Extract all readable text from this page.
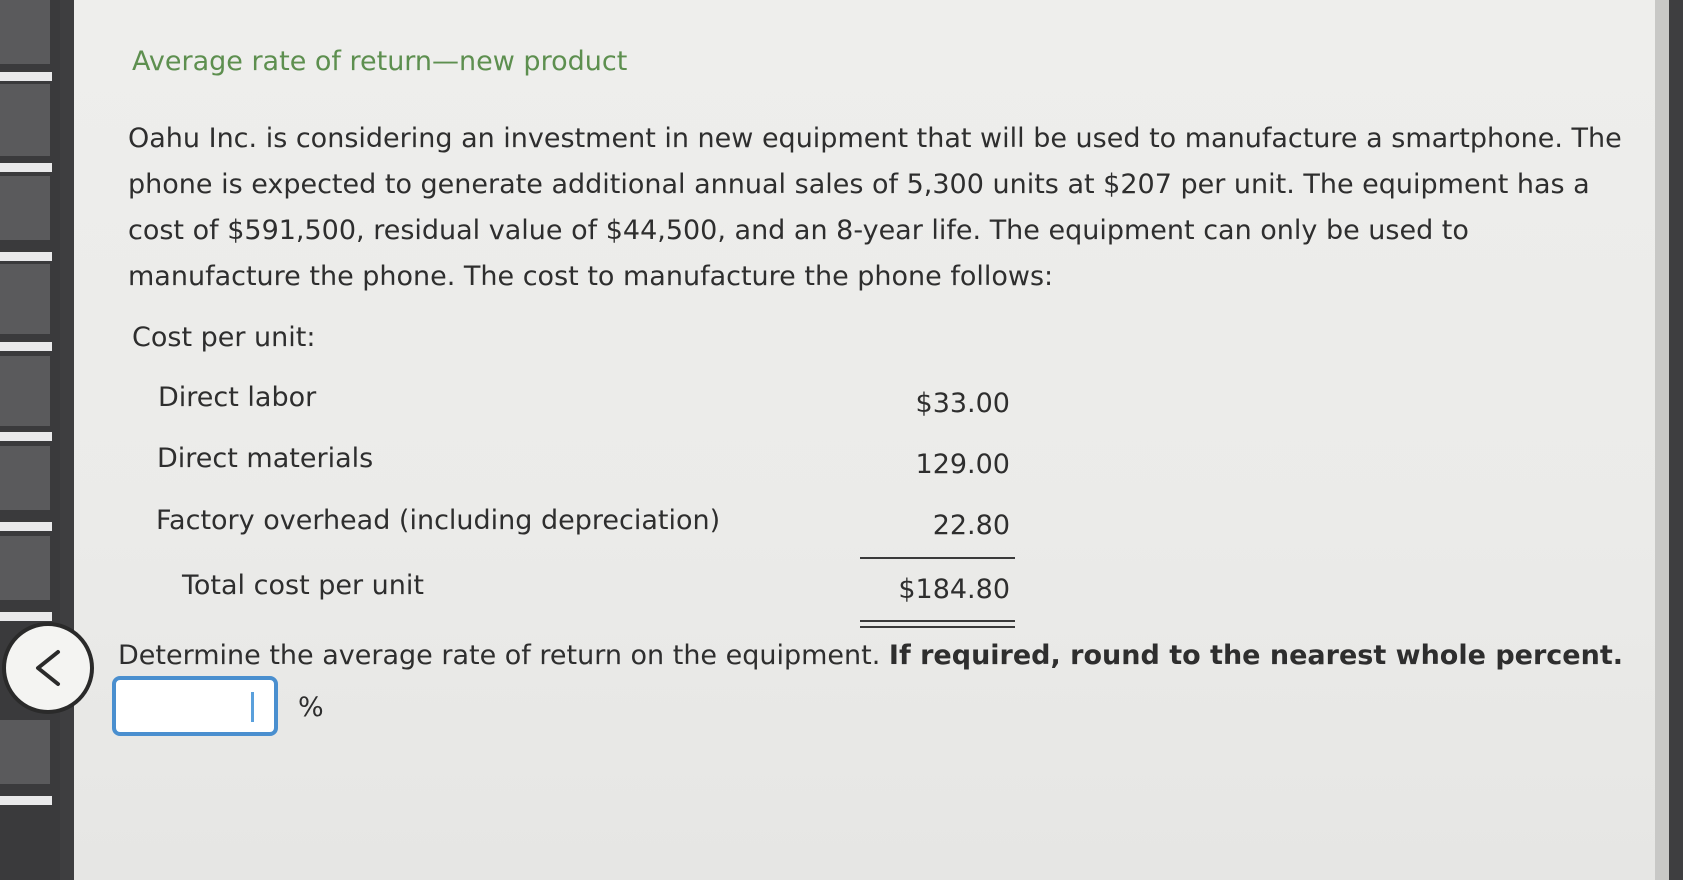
Average rate of return—new product
Oahu Inc. is considering an investment in new equipment that will be used to manufacture a smartphone. The phone is expected to generate additional annual sales of 5,300 units at $207 per unit. The equipment has a cost of $591,500, residual value of $44,500, and an 8-year life. The equipment can only be used to manufacture the phone. The cost to manufacture the phone follows:
Cost per unit:
Direct labor	$33.00
Direct materials	129.00
Factory overhead (including depreciation)	22.80
Total cost per unit	$184.80
Determine the average rate of return on the equipment. If required, round to the nearest whole percent.
%
